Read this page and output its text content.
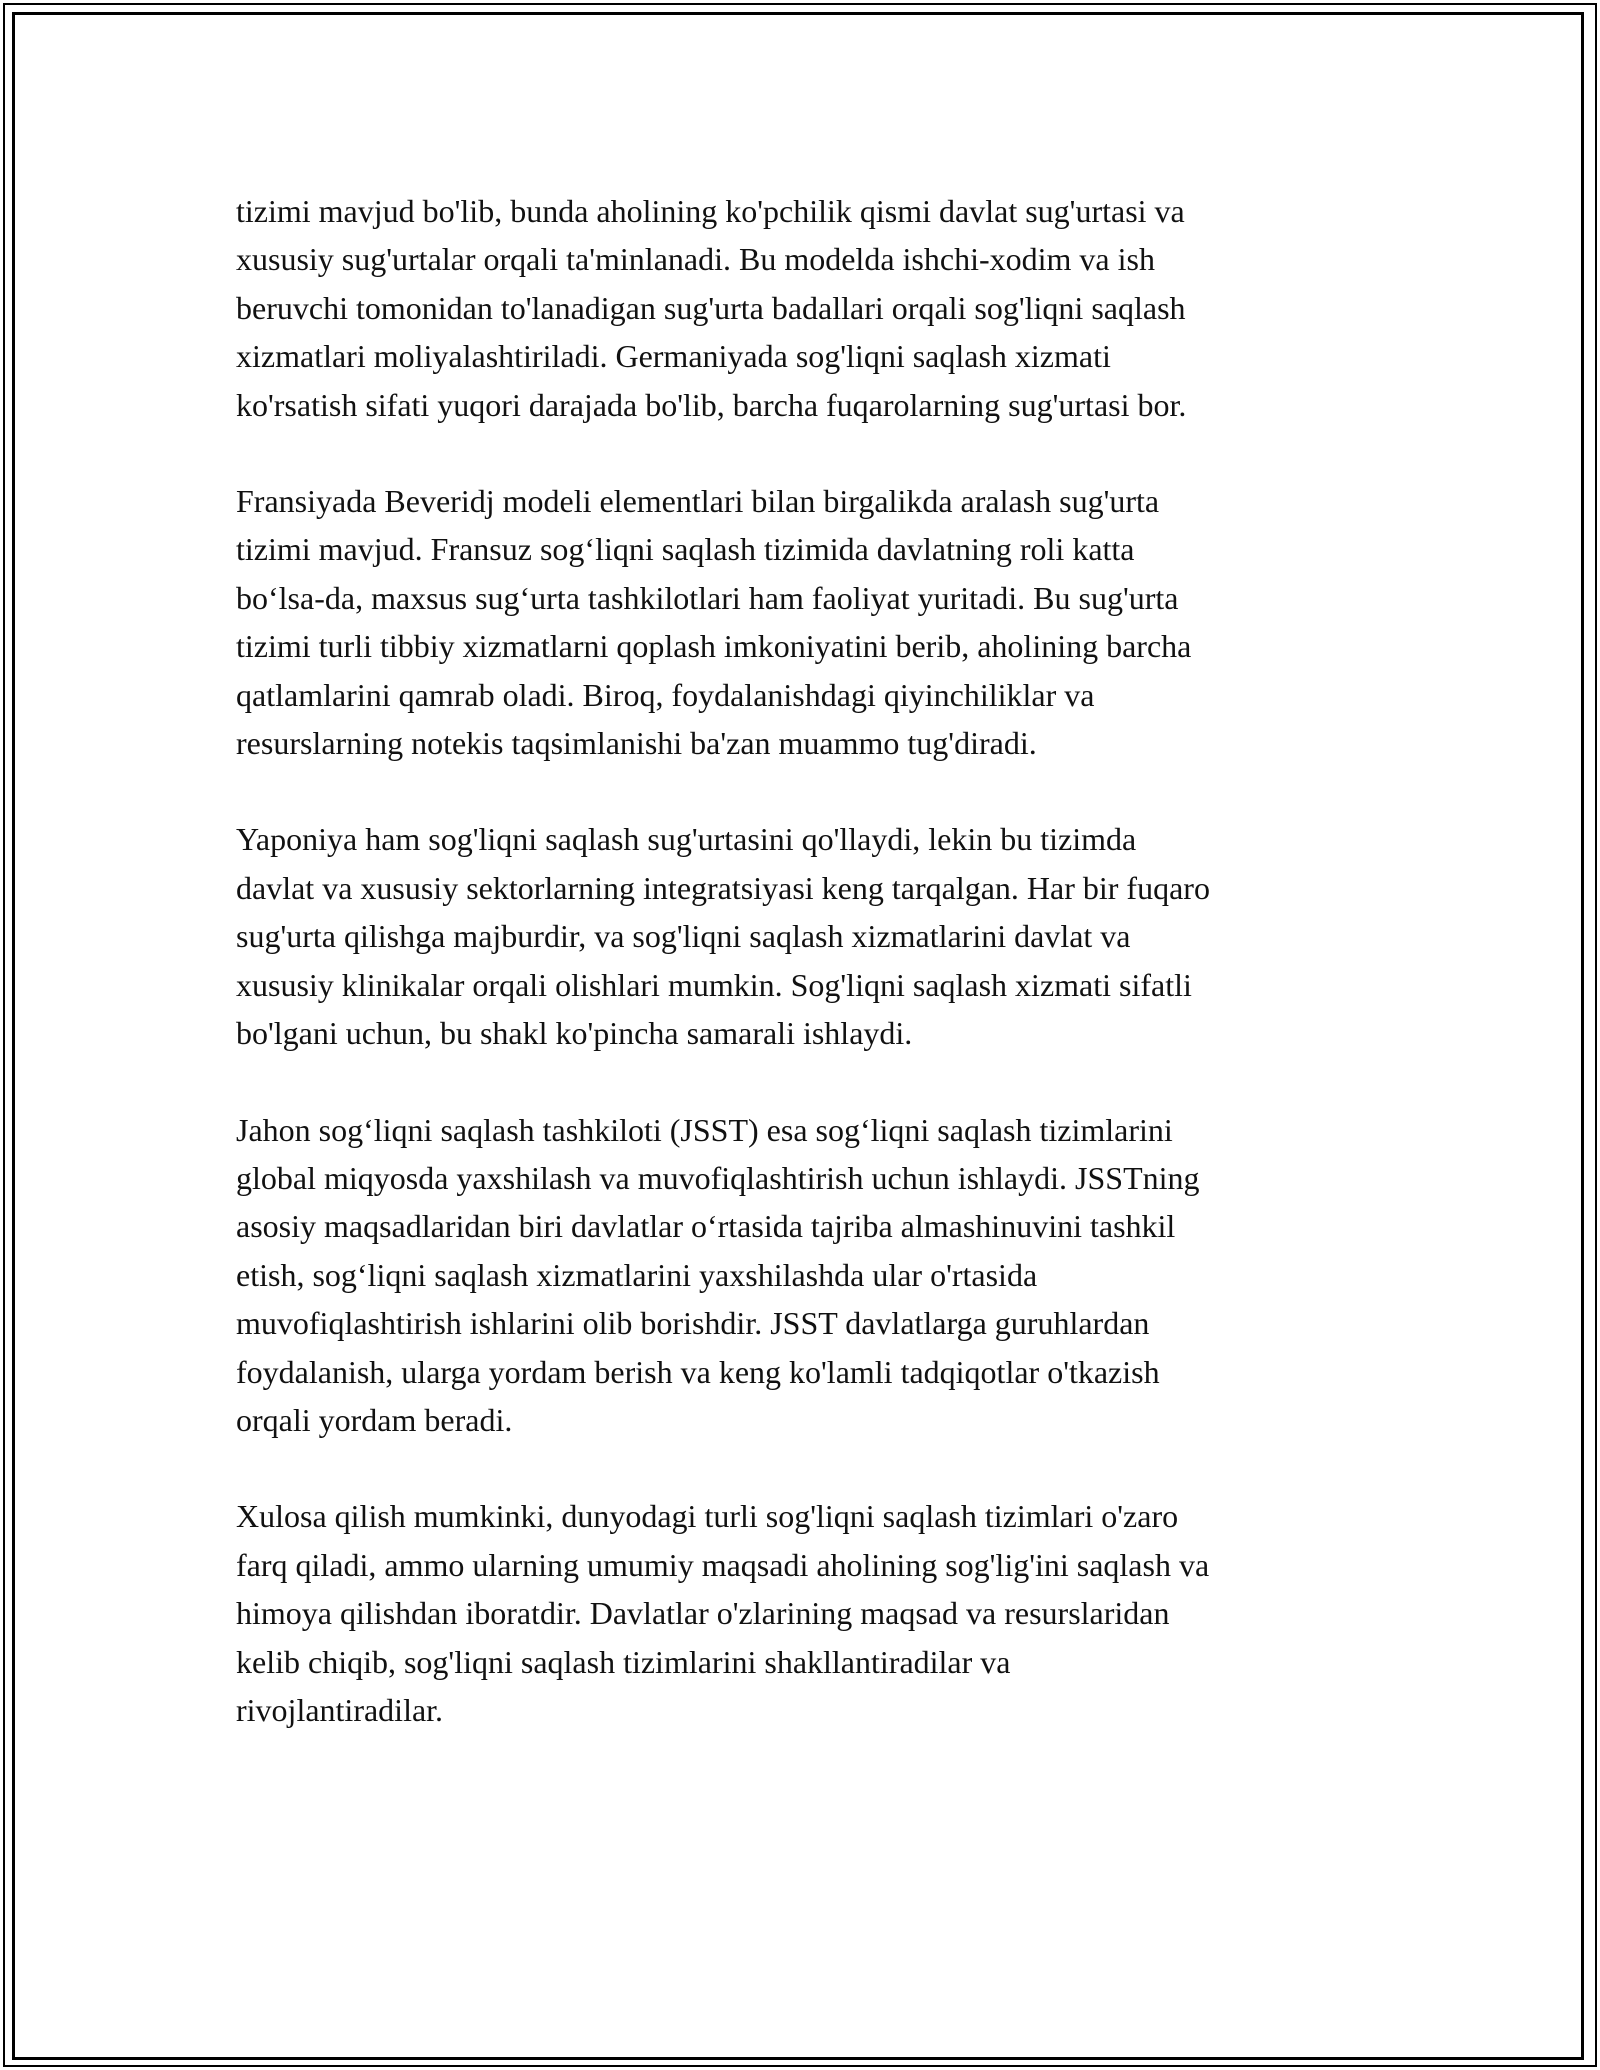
tizimi mavjud bo'lib, bunda aholining ko'pchilik qismi davlat sug'urtasi va
xususiy sug'urtalar orqali ta'minlanadi. Bu modelda ishchi-xodim va ish
beruvchi tomonidan to'lanadigan sug'urta badallari orqali sog'liqni saqlash
xizmatlari moliyalashtiriladi. Germaniyada sog'liqni saqlash xizmati
ko'rsatish sifati yuqori darajada bo'lib, barcha fuqarolarning sug'urtasi bor.

Fransiyada Beveridj modeli elementlari bilan birgalikda aralash sug'urta
tizimi mavjud. Fransuz sog‘liqni saqlash tizimida davlatning roli katta
bo‘lsa-da, maxsus sug‘urta tashkilotlari ham faoliyat yuritadi. Bu sug'urta
tizimi turli tibbiy xizmatlarni qoplash imkoniyatini berib, aholining barcha
qatlamlarini qamrab oladi. Biroq, foydalanishdagi qiyinchiliklar va
resurslarning notekis taqsimlanishi ba'zan muammo tug'diradi.

Yaponiya ham sog'liqni saqlash sug'urtasini qo'llaydi, lekin bu tizimda
davlat va xususiy sektorlarning integratsiyasi keng tarqalgan. Har bir fuqaro
sug'urta qilishga majburdir, va sog'liqni saqlash xizmatlarini davlat va
xususiy klinikalar orqali olishlari mumkin. Sog'liqni saqlash xizmati sifatli
bo'lgani uchun, bu shakl ko'pincha samarali ishlaydi.

Jahon sog‘liqni saqlash tashkiloti (JSST) esa sog‘liqni saqlash tizimlarini
global miqyosda yaxshilash va muvofiqlashtirish uchun ishlaydi. JSSTning
asosiy maqsadlaridan biri davlatlar o‘rtasida tajriba almashinuvini tashkil
etish, sog‘liqni saqlash xizmatlarini yaxshilashda ular o'rtasida
muvofiqlashtirish ishlarini olib borishdir. JSST davlatlarga guruhlardan
foydalanish, ularga yordam berish va keng ko'lamli tadqiqotlar o'tkazish
orqali yordam beradi.

Xulosa qilish mumkinki, dunyodagi turli sog'liqni saqlash tizimlari o'zaro
farq qiladi, ammo ularning umumiy maqsadi aholining sog'lig'ini saqlash va
himoya qilishdan iboratdir. Davlatlar o'zlarining maqsad va resurslaridan
kelib chiqib, sog'liqni saqlash tizimlarini shakllantiradilar va
rivojlantiradilar.
